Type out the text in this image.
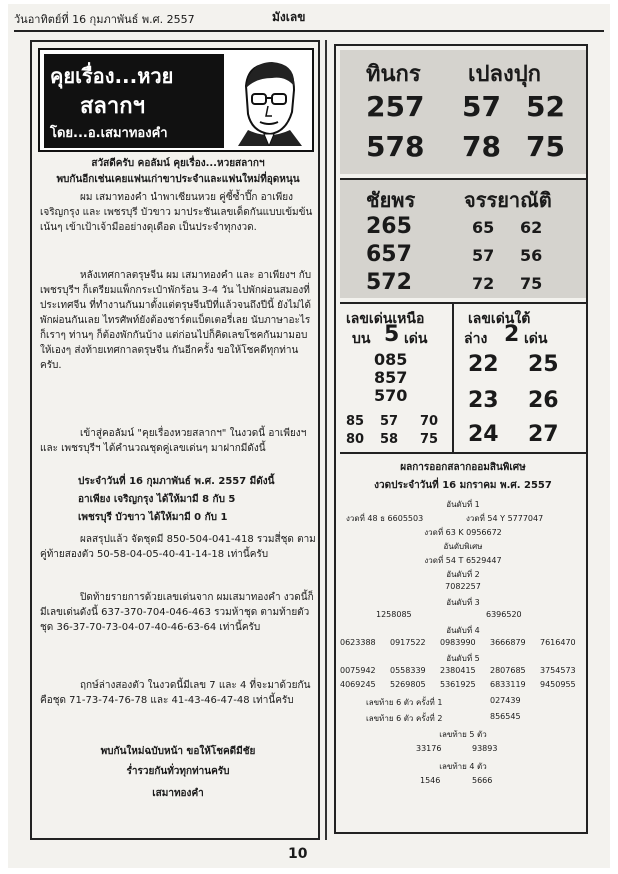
วันอาทิตย์ที่ 16 กุมภาพันธ์ พ.ศ. 2557	มังเลข
คุยเรื่อง...หวย
สลากฯ
โดย...อ.เสมาทองคำ
สวัสดีครับ คอลัมน์ คุยเรื่อง...หวยสลากฯ
พบกันอีกเช่นเคยแฟนเก่าขาประจำและแฟนใหม่ที่อุดหนุน
ผม เสมาทองคำ นำพาเซียนหวย คู่ซี้ซ้ำปึ๊ก อาเพียง เจริญกรุง และ เพชรบุรี บัวขาว มาประชันเลขเด็ดกันแบบเข้มข้น เน้นๆ เข้าเป้าเจ้ามืออย่างดุเดือด เป็นประจำทุกงวด.
หลังเทศกาลตรุษจีน ผม เสมาทองคำ และ อาเพียงฯ กับ เพชรบุรีฯ ก็เตรียมแพ็กกระเป๋าพักร้อน 3-4 วัน ไปพักผ่อนสมองที่ประเทศจีน ที่ทำงานกันมาตั้งแต่ตรุษจีนปีที่แล้วจนถึงปีนี้ ยังไม่ได้พักผ่อนกันเลย ไทรศัพท์ยังต้องชาร์ตแบ็ตเตอรี่เลย นับภาษาอะไรก็เราๆ ท่านๆ ก็ต้องพักกันบ้าง แต่ก่อนไปก็คิดเลขโชคกันมามอบให้เองๆ ส่งท้ายเทศกาลตรุษจีน กันอีกครั้ง ขอให้โชคดีทุกท่านครับ.
เข้าสู่คอลัมน์ "คุยเรื่องหวยสลากฯ" ในงวดนี้ อาเพียงฯ และ เพชรบุรีฯ ได้คำนวณชุดคู่เลขเด่นๆ มาฝากมีดังนี้
ประจำวันที่ 16 กุมภาพันธ์ พ.ศ. 2557 มีดังนี้
อาเพียง เจริญกรุง ได้ให้มามี 8 กับ 5
เพชรบุรี บัวขาว ได้ให้มามี 0 กับ 1
ผลสรุปแล้ว จัดชุดมี 850-504-041-418 รวมสี่ชุด ตามคู่ท้ายสองตัว 50-58-04-05-40-41-14-18 เท่านี้ครับ
ปิดท้ายรายการด้วยเลขเด่นจาก ผมเสมาทองคำ งวดนี้ก็มีเลขเด่นดังนี้ 637-370-704-046-463 รวมห้าชุด ตามท้ายตัวชุด 36-37-70-73-04-07-40-46-63-64 เท่านี้ครับ
ฤกษ์ล่างสองตัว ในงวดนี้มีเลข 7 และ 4 ที่จะมาด้วยกันคือชุด 71-73-74-76-78 และ 41-43-46-47-48 เท่านี้ครับ
พบกันใหม่ฉบับหน้า ขอให้โชคดีมีชัย
ร่ำรวยกันทั่วทุกท่านครับ
เสมาทองคำ
ทินกร เปลงปุก
257 57 52
578 78 75
ชัยพร จรรยาณัติ
265	65 62
657	57 56
572	72 75
เลขเด่นเหนือ
บน 5 เด่น
085
857
570
85 57 70
80 58 75
เลขเด่นใต้
ล่าง 2 เด่น
22 25
23 26
24 27
ผลการออกสลากออมสินพิเศษ
งวดประจำวันที่ 16 มกราคม พ.ศ. 2557
อันดับที่ 1
งวดที่ 48 ธ 6605503	งวดที่ 54 Y 5777047
งวดที่ 63 K 0956672
อันดับพิเศษ
งวดที่ 54 T 6529447
อันดับที่ 2
7082257
อันดับที่ 3
1258085	6396520
อันดับที่ 4
0623388 0917522 0983990 3666879 7616470
อันดับที่ 5
0075942 0558339 2380415 2807685 3754573
4069245 5269805 5361925 6833119 9450955
เลขท้าย 6 ตัว ครั้งที่ 1	027439
เลขท้าย 6 ตัว ครั้งที่ 2	856545
เลขท้าย 5 ตัว
33176	93893
เลขท้าย 4 ตัว
1546	5666
10
